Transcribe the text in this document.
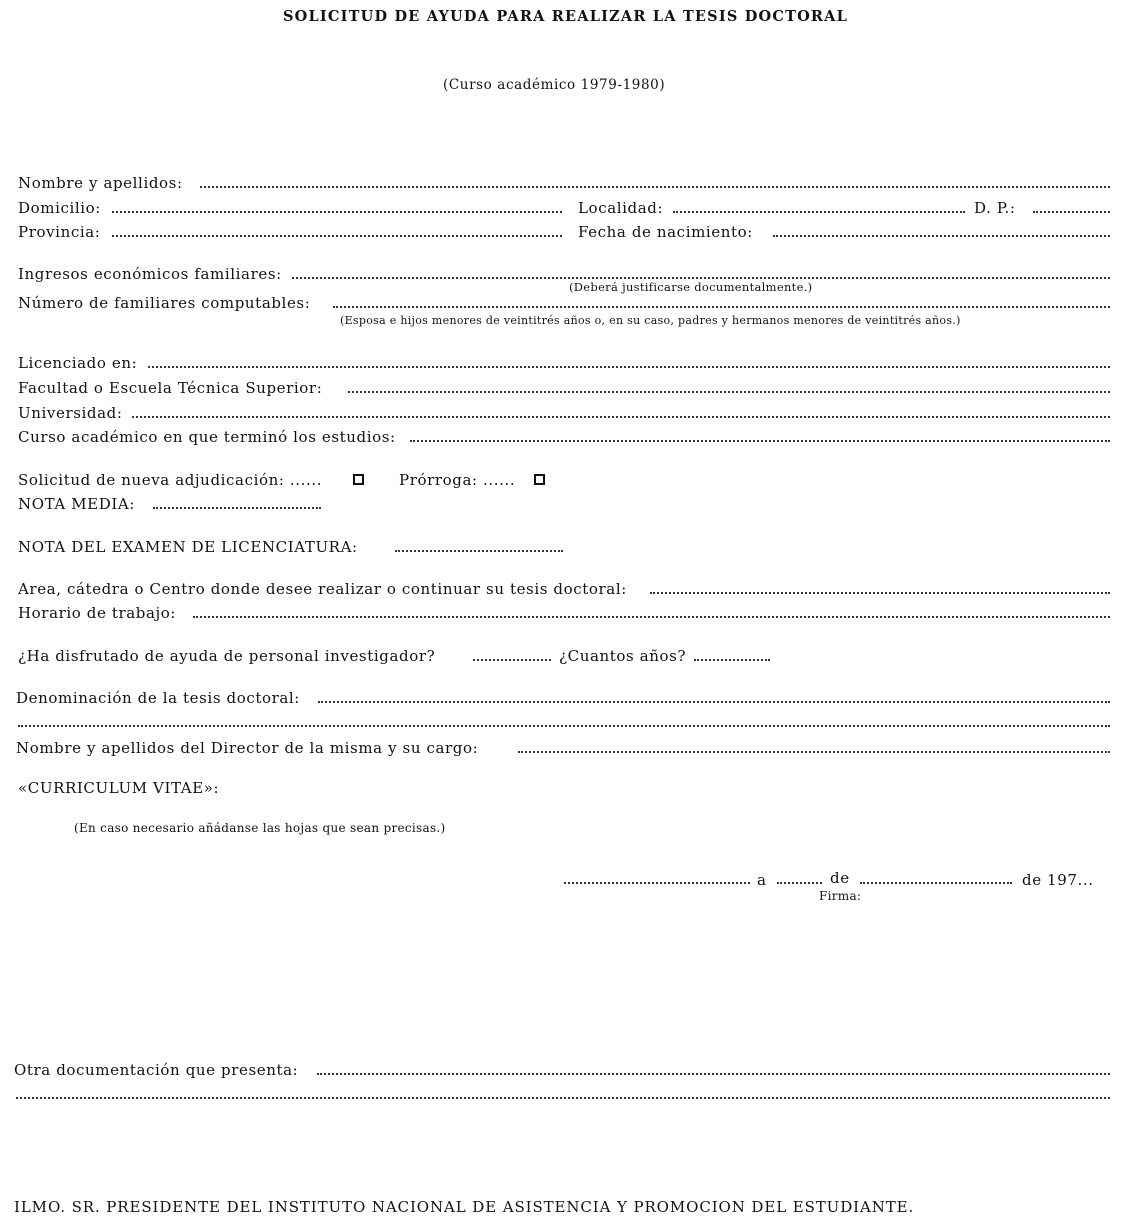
SOLICITUD DE AYUDA PARA REALIZAR LA TESIS DOCTORAL
(Curso académico 1979-1980)
Nombre y apellidos:
Domicilio:	Localidad:	D. P.:
Provincia:	Fecha de nacimiento:
Ingresos económicos familiares:
(Deberá justificarse documentalmente.)
Número de familiares computables:
(Esposa e hijos menores de veintitrés años o, en su caso, padres y hermanos menores de veintitrés años.)
Licenciado en:
Facultad o Escuela Técnica Superior:
Universidad:
Curso académico en que terminó los estudios:
Solicitud de nueva adjudicación: ......	Prórroga: ......
NOTA MEDIA:
NOTA DEL EXAMEN DE LICENCIATURA:
Area, cátedra o Centro donde desee realizar o continuar su tesis doctoral:
Horario de trabajo:
¿Ha disfrutado de ayuda de personal investigador?	¿Cuantos años?
Denominación de la tesis doctoral:
Nombre y apellidos del Director de la misma y su cargo:
«CURRICULUM VITAE»:
(En caso necesario añádanse las hojas que sean precisas.)
a	de	de 197...
Firma:
Otra documentación que presenta:
ILMO. SR. PRESIDENTE DEL INSTITUTO NACIONAL DE ASISTENCIA Y PROMOCION DEL ESTUDIANTE.
